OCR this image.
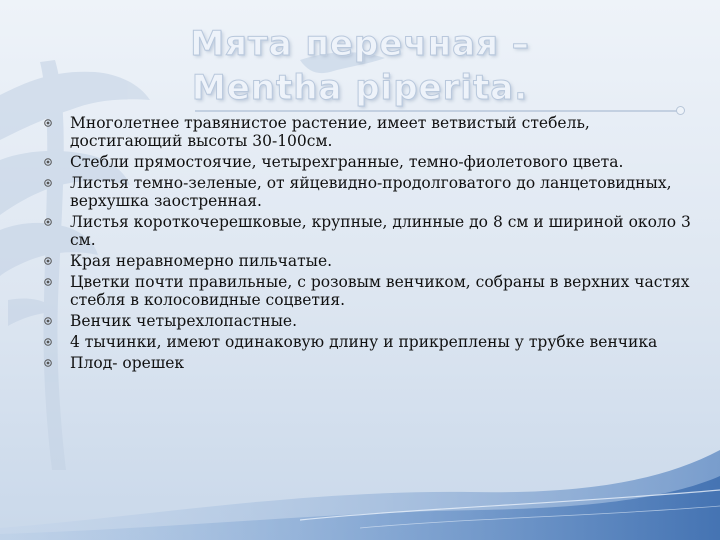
Мята перечная –
Mentha piperita.
Многолетнее травянистое растение, имеет ветвистый стебель, достигающий высоты 30-100см.
Стебли прямостоячие, четырехгранные, темно-фиолетового цвета.
Листья темно-зеленые, от яйцевидно-продолговатого до ланцетовидных, верхушка заостренная.
Листья короткочерешковые, крупные, длинные до 8 см и шириной около 3 см.
Края неравномерно пильчатые.
Цветки почти правильные, с розовым венчиком, собраны в верхних частях стебля в колосовидные соцветия.
Венчик четырехлопастные.
4 тычинки, имеют одинаковую длину и прикреплены у трубке венчика
Плод- орешек
